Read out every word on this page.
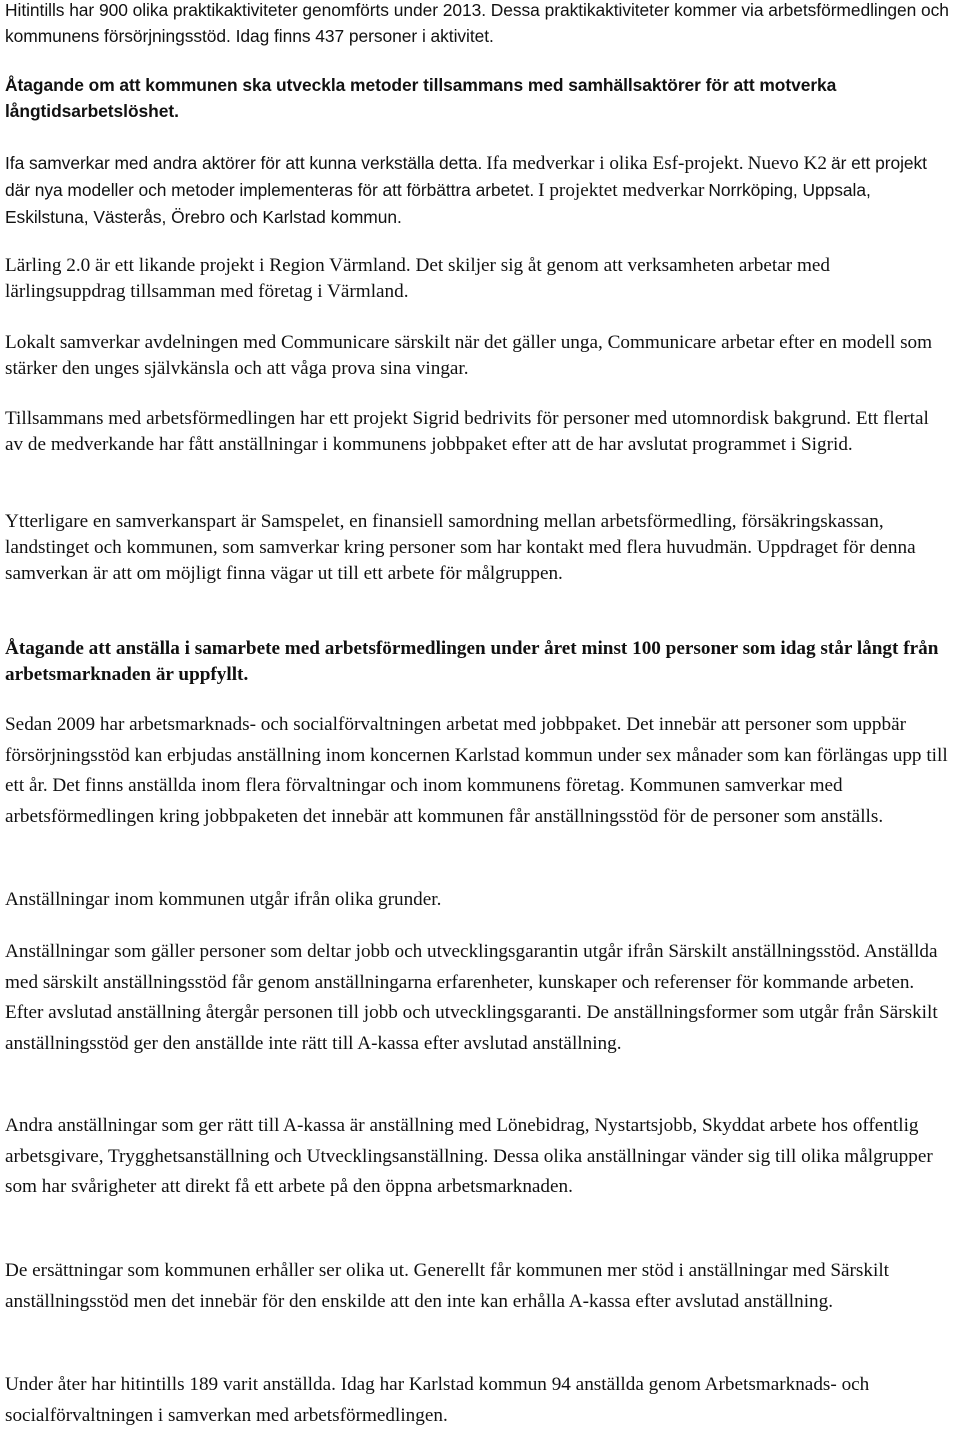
Hitintills har 900 olika praktikaktiviteter genomförts under 2013. Dessa praktikaktiviteter kommer via arbetsförmedlingen och kommunens försörjningsstöd. Idag finns 437 personer i aktivitet.

Åtagande om att kommunen ska utveckla metoder tillsammans med samhällsaktörer för att motverka långtidsarbetslöshet.

Ifa samverkar med andra aktörer för att kunna verkställa detta. Ifa medverkar i olika Esf-projekt. Nuevo K2 är ett projekt där nya modeller och metoder implementeras för att förbättra arbetet. I projektet medverkar Norrköping, Uppsala, Eskilstuna, Västerås, Örebro och Karlstad kommun.

Lärling 2.0 är ett likande projekt i Region Värmland. Det skiljer sig åt genom att verksamheten arbetar med lärlingsuppdrag tillsamman med företag i Värmland.

Lokalt samverkar avdelningen med Communicare särskilt när det gäller unga, Communicare arbetar efter en modell som stärker den unges självkänsla och att våga prova sina vingar.

Tillsammans med arbetsförmedlingen har ett projekt Sigrid bedrivits för personer med utomnordisk bakgrund. Ett flertal av de medverkande har fått anställningar i kommunens jobbpaket efter att de har avslutat programmet i Sigrid.

Ytterligare en samverkanspart är Samspelet, en finansiell samordning mellan arbetsförmedling, försäkringskassan, landstinget och kommunen, som samverkar kring personer som har kontakt med flera huvudmän. Uppdraget för denna samverkan är att om möjligt finna vägar ut till ett arbete för målgruppen.

Åtagande att anställa i samarbete med arbetsförmedlingen under året minst 100 personer som idag står långt från arbetsmarknaden är uppfyllt.

Sedan 2009 har arbetsmarknads- och socialförvaltningen arbetat med jobbpaket. Det innebär att personer som uppbär försörjningsstöd kan erbjudas anställning inom koncernen Karlstad kommun under sex månader som kan förlängas upp till ett år. Det finns anställda inom flera förvaltningar och inom kommunens företag. Kommunen samverkar med arbetsförmedlingen kring jobbpaketen det innebär att kommunen får anställningsstöd för de personer som anställs.

Anställningar inom kommunen utgår ifrån olika grunder.

Anställningar som gäller personer som deltar jobb och utvecklingsgarantin utgår ifrån Särskilt anställningsstöd. Anställda med särskilt anställningsstöd får genom anställningarna erfarenheter, kunskaper och referenser för kommande arbeten. Efter avslutad anställning återgår personen till jobb och utvecklingsgaranti. De anställningsformer som utgår från Särskilt anställningsstöd ger den anställde inte rätt till A-kassa efter avslutad anställning.

Andra anställningar som ger rätt till A-kassa är anställning med Lönebidrag, Nystartsjobb, Skyddat arbete hos offentlig arbetsgivare, Trygghetsanställning och Utvecklingsanställning. Dessa olika anställningar vänder sig till olika målgrupper som har svårigheter att direkt få ett arbete på den öppna arbetsmarknaden.

De ersättningar som kommunen erhåller ser olika ut. Generellt får kommunen mer stöd i anställningar med Särskilt anställningsstöd men det innebär för den enskilde att den inte kan erhålla A-kassa efter avslutad anställning.

Under åter har hitintills 189 varit anställda. Idag har Karlstad kommun 94 anställda genom Arbetsmarknads- och socialförvaltningen i samverkan med arbetsförmedlingen.
